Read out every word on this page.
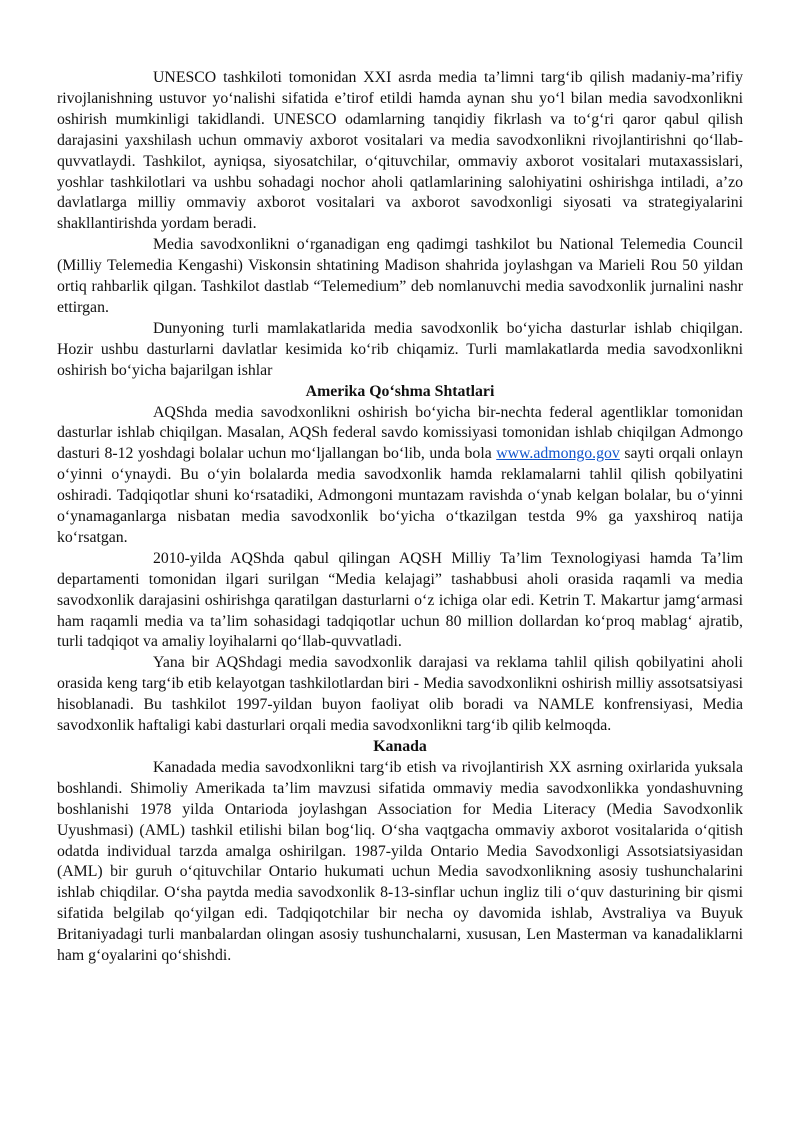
UNESCO tashkiloti tomonidan XXI asrda media ta’limni targ‘ib qilish madaniy-ma’rifiy rivojlanishning ustuvor yo‘nalishi sifatida e’tirof etildi hamda aynan shu yo‘l bilan media savodxonlikni oshirish mumkinligi takidlandi. UNESCO odamlarning tanqidiy fikrlash va to‘g‘ri qaror qabul qilish darajasini yaxshilash uchun ommaviy axborot vositalari va media savodxonlikni rivojlantirishni qo‘llab-quvvatlaydi. Tashkilot, ayniqsa, siyosatchilar, o‘qituvchilar, ommaviy axborot vositalari mutaxassislari, yoshlar tashkilotlari va ushbu sohadagi nochor aholi qatlamlarining salohiyatini oshirishga intiladi, a’zo davlatlarga milliy ommaviy axborot vositalari va axborot savodxonligi siyosati va strategiyalarini shakllantirishda yordam beradi.

Media savodxonlikni o‘rganadigan eng qadimgi tashkilot bu National Telemedia Council (Milliy Telemedia Kengashi) Viskonsin shtatining Madison shahrida joylashgan va Marieli Rou 50 yildan ortiq rahbarlik qilgan. Tashkilot dastlab “Telemedium” deb nomlanuvchi media savodxonlik jurnalini nashr ettirgan.

Dunyoning turli mamlakatlarida media savodxonlik bo‘yicha dasturlar ishlab chiqilgan. Hozir ushbu dasturlarni davlatlar kesimida ko‘rib chiqamiz. Turli mamlakatlarda media savodxonlikni oshirish bo‘yicha bajarilgan ishlar

Amerika Qo‘shma Shtatlari

AQShda media savodxonlikni oshirish bo‘yicha bir-nechta federal agentliklar tomonidan dasturlar ishlab chiqilgan. Masalan, AQSh federal savdo komissiyasi tomonidan ishlab chiqilgan Admongo dasturi 8-12 yoshdagi bolalar uchun mo‘ljallangan bo‘lib, unda bola www.admongo.gov sayti orqali onlayn o‘yinni o‘ynaydi. Bu o‘yin bolalarda media savodxonlik hamda reklamalarni tahlil qilish qobilyatini oshiradi. Tadqiqotlar shuni ko‘rsatadiki, Admongoni muntazam ravishda o‘ynab kelgan bolalar, bu o‘yinni o‘ynamaganlarga nisbatan media savodxonlik bo‘yicha o‘tkazilgan testda 9% ga yaxshiroq natija ko‘rsatgan.

2010-yilda AQShda qabul qilingan AQSH Milliy Ta’lim Texnologiyasi hamda Ta’lim departamenti tomonidan ilgari surilgan “Media kelajagi” tashabbusi aholi orasida raqamli va media savodxonlik darajasini oshirishga qaratilgan dasturlarni o‘z ichiga olar edi. Ketrin T. Makartur jamg‘armasi ham raqamli media va ta’lim sohasidagi tadqiqotlar uchun 80 million dollardan ko‘proq mablag‘ ajratib, turli tadqiqot va amaliy loyihalarni qo‘llab-quvvatladi.

Yana bir AQShdagi media savodxonlik darajasi va reklama tahlil qilish qobilyatini aholi orasida keng targ‘ib etib kelayotgan tashkilotlardan biri - Media savodxonlikni oshirish milliy assotsatsiyasi hisoblanadi. Bu tashkilot 1997-yildan buyon faoliyat olib boradi va NAMLE konfrensiyasi, Media savodxonlik haftaligi kabi dasturlari orqali media savodxonlikni targ‘ib qilib kelmoqda.

Kanada

Kanadada media savodxonlikni targ‘ib etish va rivojlantirish XX asrning oxirlarida yuksala boshlandi. Shimoliy Amerikada ta’lim mavzusi sifatida ommaviy media savodxonlikka yondashuvning boshlanishi 1978 yilda Ontarioda joylashgan Association for Media Literacy (Media Savodxonlik Uyushmasi) (AML) tashkil etilishi bilan bog‘liq. O‘sha vaqtgacha ommaviy axborot vositalarida o‘qitish odatda individual tarzda amalga oshirilgan. 1987-yilda Ontario Media Savodxonligi Assotsiatsiyasidan (AML) bir guruh o‘qituvchilar Ontario hukumati uchun Media savodxonlikning asosiy tushunchalarini ishlab chiqdilar. O‘sha paytda media savodxonlik 8-13-sinflar uchun ingliz tili o‘quv dasturining bir qismi sifatida belgilab qo‘yilgan edi. Tadqiqotchilar bir necha oy davomida ishlab, Avstraliya va Buyuk Britaniyadagi turli manbalardan olingan asosiy tushunchalarni, xususan, Len Masterman va kanadaliklarni ham g‘oyalarini qo‘shishdi.
